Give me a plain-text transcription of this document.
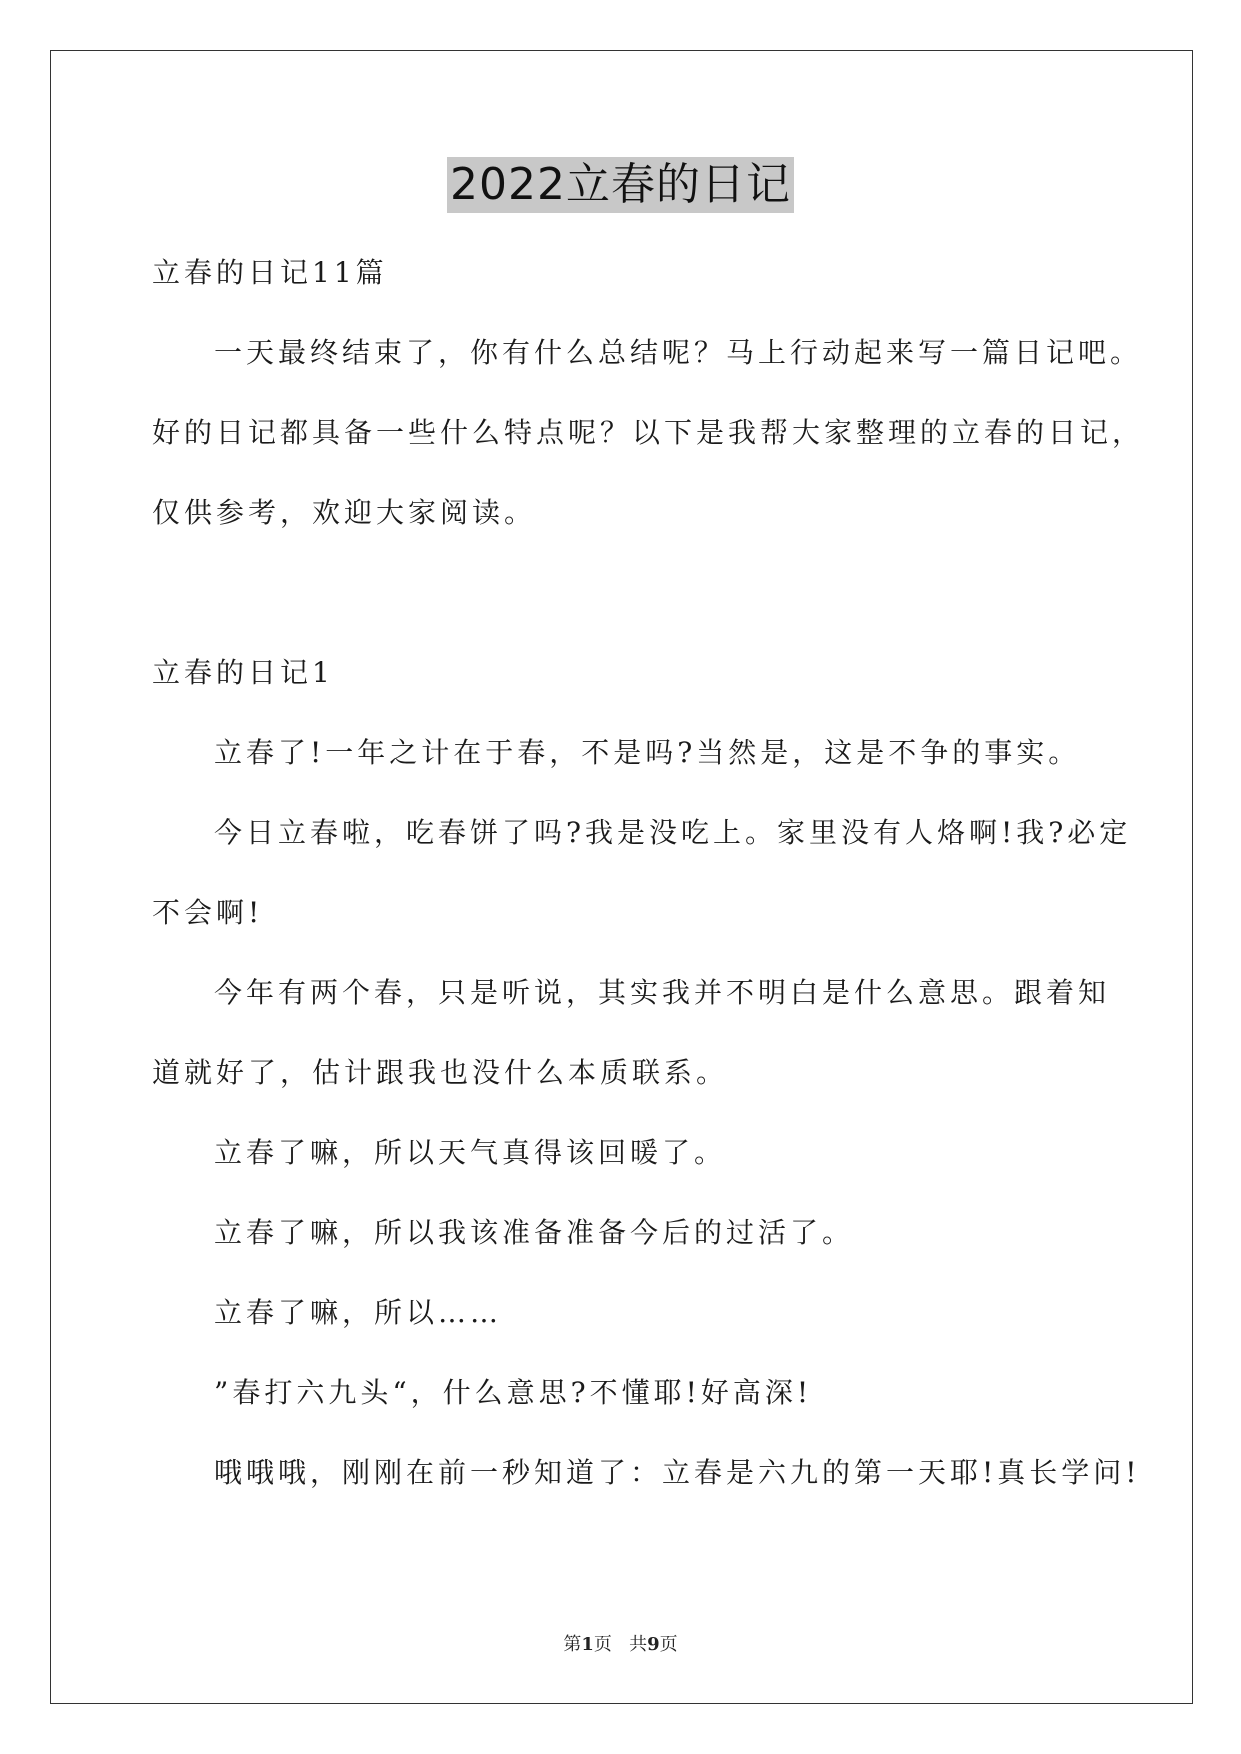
2022立春的日记
立春的日记11篇
一天最终结束了，你有什么总结呢？马上行动起来写一篇日记吧。
好的日记都具备一些什么特点呢？以下是我帮大家整理的立春的日记，
仅供参考，欢迎大家阅读。
立春的日记1
立春了!一年之计在于春，不是吗?当然是，这是不争的事实。
今日立春啦，吃春饼了吗?我是没吃上。家里没有人烙啊!我?必定
不会啊!
今年有两个春，只是听说，其实我并不明白是什么意思。跟着知
道就好了，估计跟我也没什么本质联系。
立春了嘛，所以天气真得该回暖了。
立春了嘛，所以我该准备准备今后的过活了。
立春了嘛，所以……
”春打六九头“，什么意思?不懂耶!好高深!
哦哦哦，刚刚在前一秒知道了：立春是六九的第一天耶!真长学问!
第1页 共9页
